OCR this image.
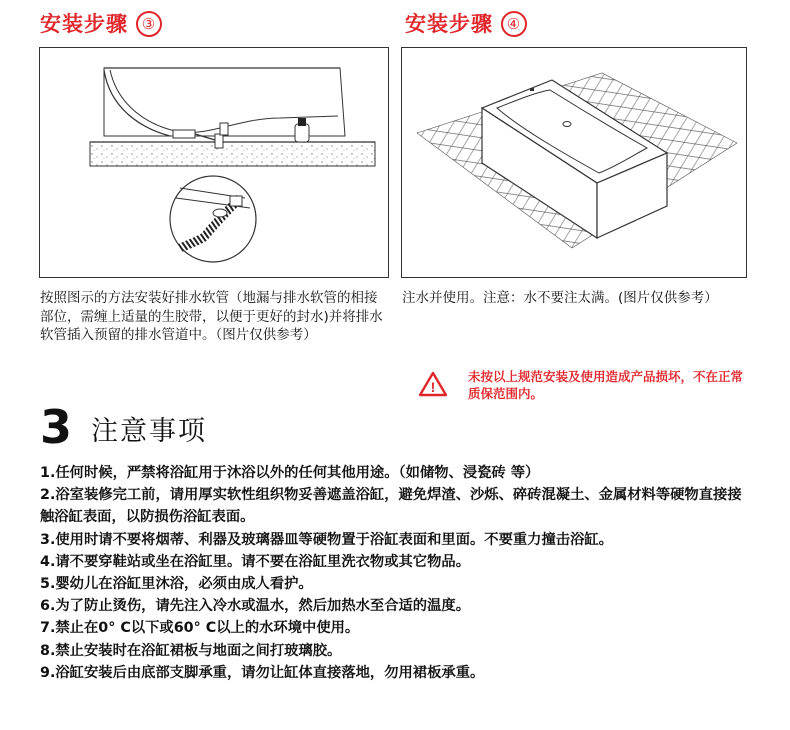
安装步骤 ③	安装步骤 ④
按照图示的方法安装好排水软管（地漏与排水软管的相接部位，需缠上适量的生胶带，以便于更好的封水)并将排水软管插入预留的排水管道中。（图片仅供参考）
注水并使用。注意：水不要注太满。(图片仅供参考）
!
未按以上规范安装及使用造成产品损坏，不在正常质保范围内。
3 注意事项

1.任何时候，严禁将浴缸用于沐浴以外的任何其他用途。（如储物、浸瓷砖 等）

2.浴室装修完工前，请用厚实软性组织物妥善遮盖浴缸，避免焊渣、沙烁、碎砖混凝土、金属材料等硬物直接接触浴缸表面，以防损伤浴缸表面。

3.使用时请不要将烟蒂、利器及玻璃器皿等硬物置于浴缸表面和里面。不要重力撞击浴缸。

4.请不要穿鞋站或坐在浴缸里。请不要在浴缸里洗衣物或其它物品。

5.婴幼儿在浴缸里沐浴，必须由成人看护。

6.为了防止烫伤，请先注入冷水或温水，然后加热水至合适的温度。

7.禁止在0° C以下或60° C以上的水环境中使用。

8.禁止安装时在浴缸裙板与地面之间打玻璃胶。

9.浴缸安装后由底部支脚承重，请勿让缸体直接落地，勿用裙板承重。
